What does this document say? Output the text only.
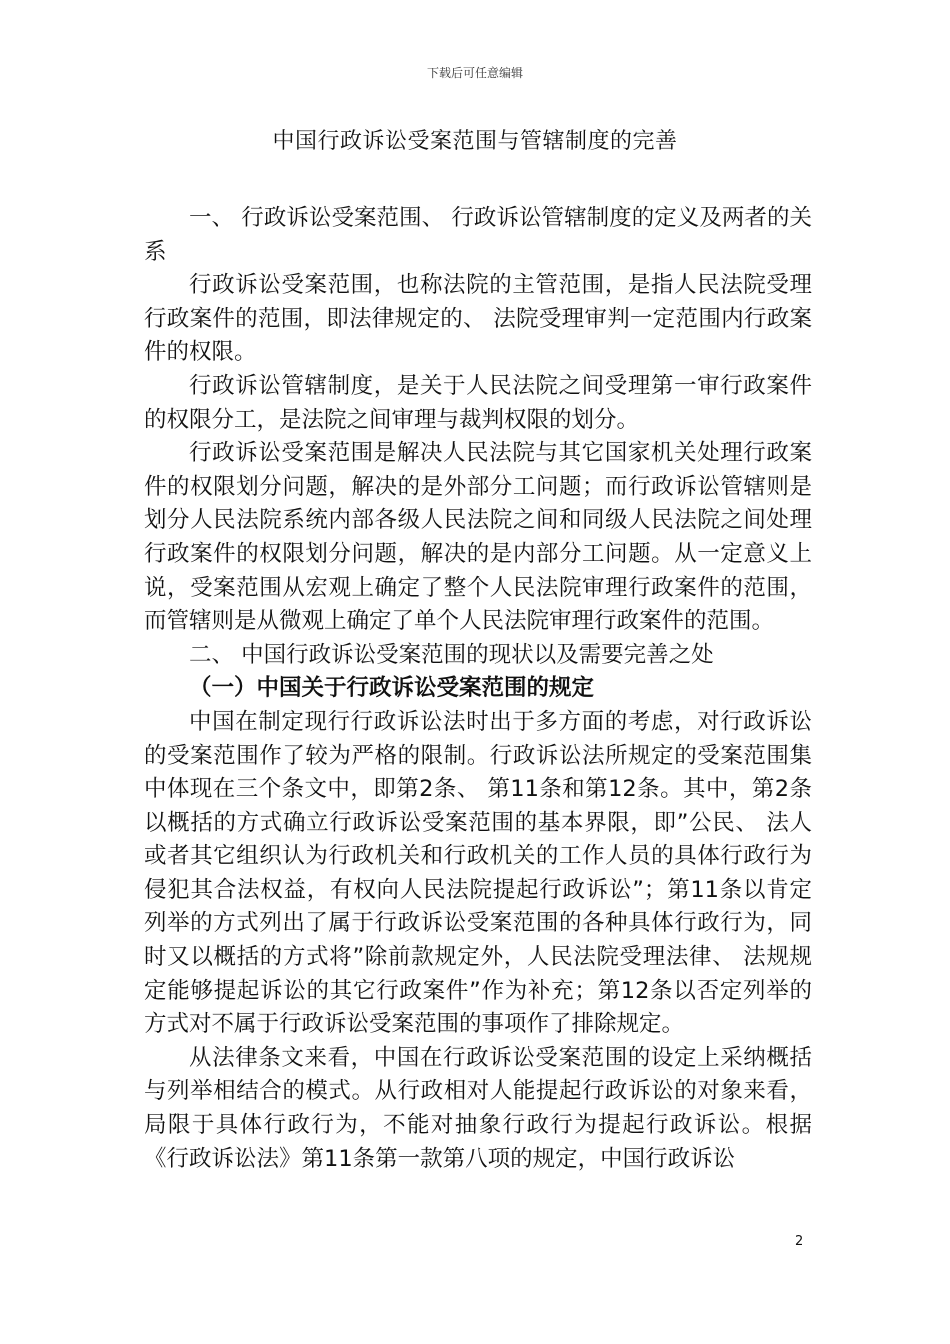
下载后可任意编辑
中国行政诉讼受案范围与管辖制度的完善

一、 行政诉讼受案范围、 行政诉讼管辖制度的定义及两者的关系

行政诉讼受案范围，也称法院的主管范围，是指人民法院受理行政案件的范围，即法律规定的、 法院受理审判一定范围内行政案件的权限。

行政诉讼管辖制度，是关于人民法院之间受理第一审行政案件的权限分工，是法院之间审理与裁判权限的划分。

行政诉讼受案范围是解决人民法院与其它国家机关处理行政案件的权限划分问题，解决的是外部分工问题；而行政诉讼管辖则是划分人民法院系统内部各级人民法院之间和同级人民法院之间处理行政案件的权限划分问题，解决的是内部分工问题。从一定意义上说，受案范围从宏观上确定了整个人民法院审理行政案件的范围，而管辖则是从微观上确定了单个人民法院审理行政案件的范围。

二、 中国行政诉讼受案范围的现状以及需要完善之处

（一）中国关于行政诉讼受案范围的规定

中国在制定现行行政诉讼法时出于多方面的考虑，对行政诉讼的受案范围作了较为严格的限制。行政诉讼法所规定的受案范围集中体现在三个条文中，即第2条、 第11条和第12条。其中，第2条以概括的方式确立行政诉讼受案范围的基本界限，即”公民、 法人或者其它组织认为行政机关和行政机关的工作人员的具体行政行为侵犯其合法权益，有权向人民法院提起行政诉讼”；第11条以肯定列举的方式列出了属于行政诉讼受案范围的各种具体行政行为，同时又以概括的方式将”除前款规定外，人民法院受理法律、 法规规定能够提起诉讼的其它行政案件”作为补充；第12条以否定列举的方式对不属于行政诉讼受案范围的事项作了排除规定。

从法律条文来看，中国在行政诉讼受案范围的设定上采纳概括与列举相结合的模式。从行政相对人能提起行政诉讼的对象来看，局限于具体行政行为，不能对抽象行政行为提起行政诉讼。根据《行政诉讼法》第11条第一款第八项的规定，中国行政诉讼

2
